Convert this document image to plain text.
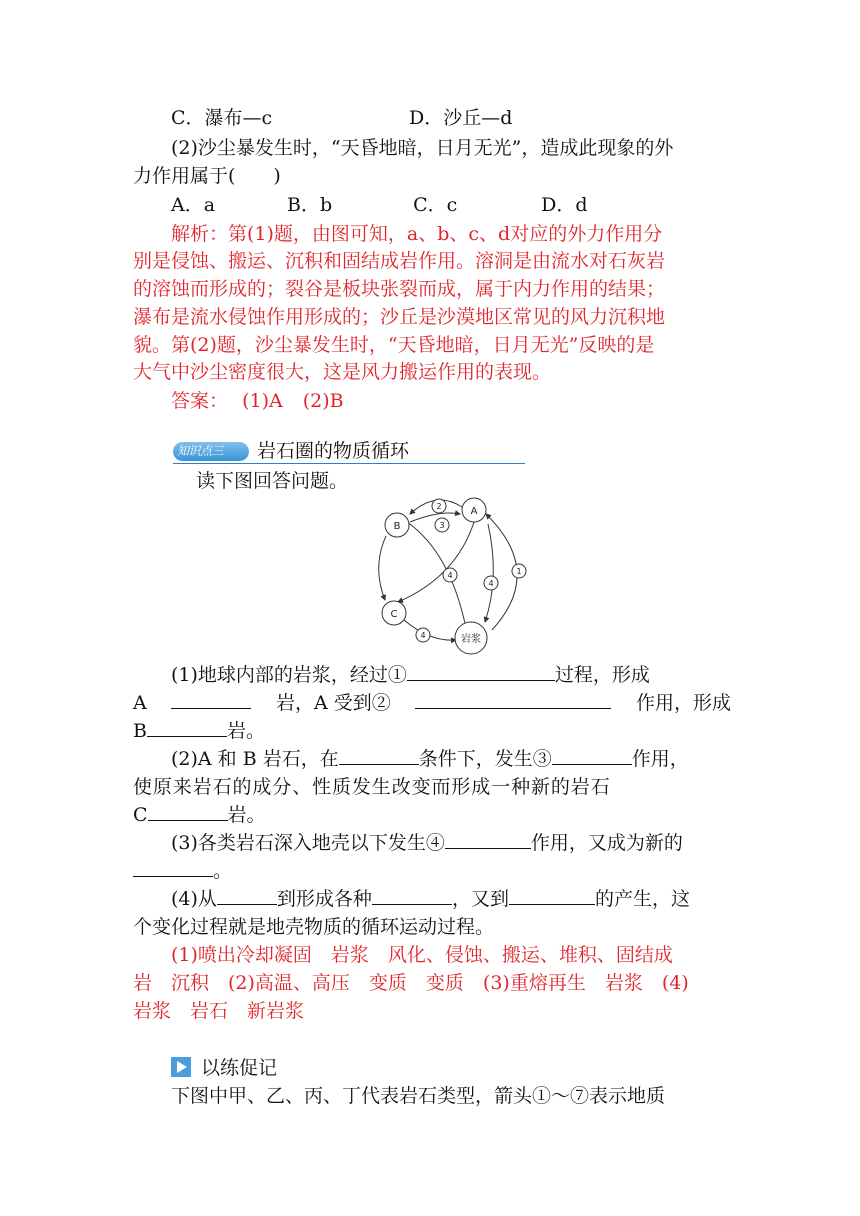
C．瀑布—c	D．沙丘—d
(2)沙尘暴发生时，“天昏地暗，日月无光”，造成此现象的外
力作用属于(　　)
A．a	B．b	C．c	D．d
解析：第(1)题，由图可知，a、b、c、d对应的外力作用分
别是侵蚀、搬运、沉积和固结成岩作用。溶洞是由流水对石灰岩
的溶蚀而形成的；裂谷是板块张裂而成，属于内力作用的结果；
瀑布是流水侵蚀作用形成的；沙丘是沙漠地区常见的风力沉积地
貌。第(2)题，沙尘暴发生时，“天昏地暗，日月无光”反映的是
大气中沙尘密度很大，这是风力搬运作用的表现。
答案： (1)A (2)B
知识点三 岩石圈的物质循环
读下图回答问题。
A
B
C
岩浆
2
3
4
4
1
4
(1)地球内部的岩浆，经过①	过程，形成
A	岩，A 受到②	作用，形成
B	岩。
(2)A 和 B 岩石，在	条件下，发生③	作用，
使原来岩石的成分、性质发生改变而形成一种新的岩石
C	岩。
(3)各类岩石深入地壳以下发生④	作用，又成为新的
。
(4)从	到形成各种	，又到	的产生，这
个变化过程就是地壳物质的循环运动过程。
(1)喷出冷却凝固　岩浆　风化、侵蚀、搬运、堆积、固结成
岩　沉积　(2)高温、高压　变质　变质　(3)重熔再生　岩浆　(4)
岩浆　岩石　新岩浆
以练促记
下图中甲、乙、丙、丁代表岩石类型，箭头①～⑦表示地质
